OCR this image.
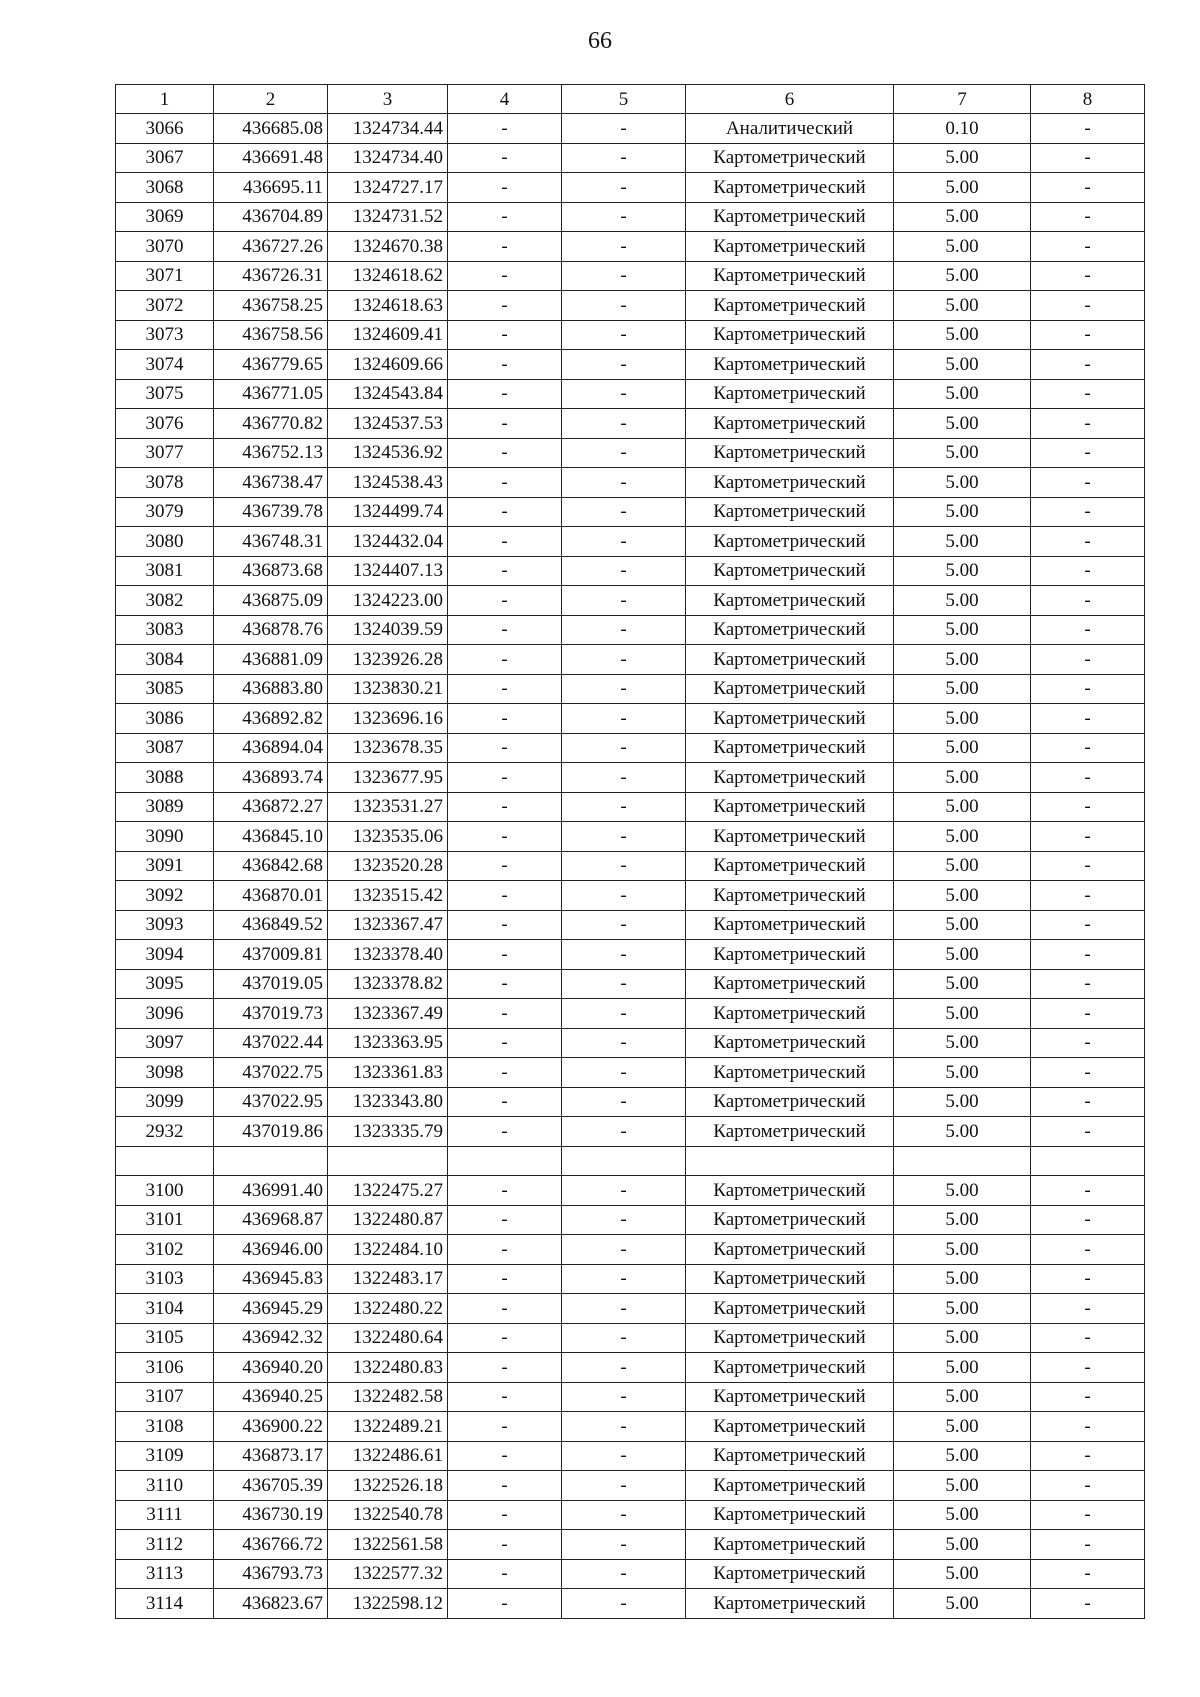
66
1	2	3	4	5	6	7	8
3066	436685.08	1324734.44	-	-	Аналитический	0.10	-
3067	436691.48	1324734.40	-	-	Картометрический	5.00	-
3068	436695.11	1324727.17	-	-	Картометрический	5.00	-
3069	436704.89	1324731.52	-	-	Картометрический	5.00	-
3070	436727.26	1324670.38	-	-	Картометрический	5.00	-
3071	436726.31	1324618.62	-	-	Картометрический	5.00	-
3072	436758.25	1324618.63	-	-	Картометрический	5.00	-
3073	436758.56	1324609.41	-	-	Картометрический	5.00	-
3074	436779.65	1324609.66	-	-	Картометрический	5.00	-
3075	436771.05	1324543.84	-	-	Картометрический	5.00	-
3076	436770.82	1324537.53	-	-	Картометрический	5.00	-
3077	436752.13	1324536.92	-	-	Картометрический	5.00	-
3078	436738.47	1324538.43	-	-	Картометрический	5.00	-
3079	436739.78	1324499.74	-	-	Картометрический	5.00	-
3080	436748.31	1324432.04	-	-	Картометрический	5.00	-
3081	436873.68	1324407.13	-	-	Картометрический	5.00	-
3082	436875.09	1324223.00	-	-	Картометрический	5.00	-
3083	436878.76	1324039.59	-	-	Картометрический	5.00	-
3084	436881.09	1323926.28	-	-	Картометрический	5.00	-
3085	436883.80	1323830.21	-	-	Картометрический	5.00	-
3086	436892.82	1323696.16	-	-	Картометрический	5.00	-
3087	436894.04	1323678.35	-	-	Картометрический	5.00	-
3088	436893.74	1323677.95	-	-	Картометрический	5.00	-
3089	436872.27	1323531.27	-	-	Картометрический	5.00	-
3090	436845.10	1323535.06	-	-	Картометрический	5.00	-
3091	436842.68	1323520.28	-	-	Картометрический	5.00	-
3092	436870.01	1323515.42	-	-	Картометрический	5.00	-
3093	436849.52	1323367.47	-	-	Картометрический	5.00	-
3094	437009.81	1323378.40	-	-	Картометрический	5.00	-
3095	437019.05	1323378.82	-	-	Картометрический	5.00	-
3096	437019.73	1323367.49	-	-	Картометрический	5.00	-
3097	437022.44	1323363.95	-	-	Картометрический	5.00	-
3098	437022.75	1323361.83	-	-	Картометрический	5.00	-
3099	437022.95	1323343.80	-	-	Картометрический	5.00	-
2932	437019.86	1323335.79	-	-	Картометрический	5.00	-

3100	436991.40	1322475.27	-	-	Картометрический	5.00	-
3101	436968.87	1322480.87	-	-	Картометрический	5.00	-
3102	436946.00	1322484.10	-	-	Картометрический	5.00	-
3103	436945.83	1322483.17	-	-	Картометрический	5.00	-
3104	436945.29	1322480.22	-	-	Картометрический	5.00	-
3105	436942.32	1322480.64	-	-	Картометрический	5.00	-
3106	436940.20	1322480.83	-	-	Картометрический	5.00	-
3107	436940.25	1322482.58	-	-	Картометрический	5.00	-
3108	436900.22	1322489.21	-	-	Картометрический	5.00	-
3109	436873.17	1322486.61	-	-	Картометрический	5.00	-
3110	436705.39	1322526.18	-	-	Картометрический	5.00	-
3111	436730.19	1322540.78	-	-	Картометрический	5.00	-
3112	436766.72	1322561.58	-	-	Картометрический	5.00	-
3113	436793.73	1322577.32	-	-	Картометрический	5.00	-
3114	436823.67	1322598.12	-	-	Картометрический	5.00	-
